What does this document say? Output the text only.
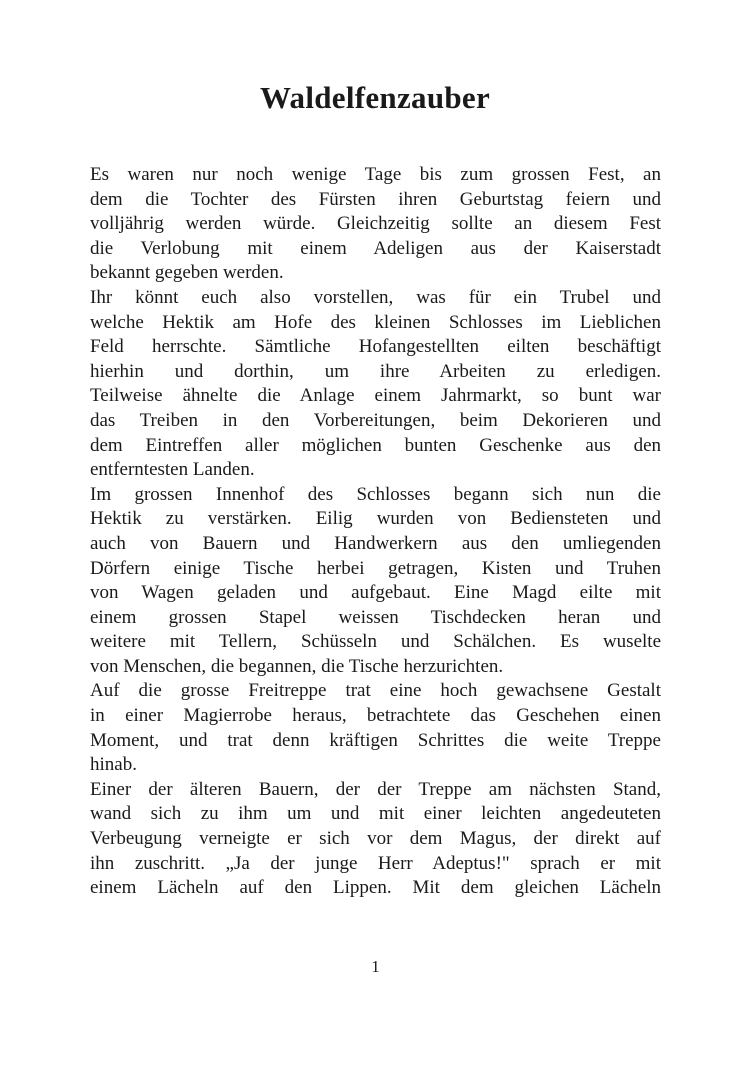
Waldelfenzauber
Es waren nur noch wenige Tage bis zum grossen Fest, an
dem die Tochter des Fürsten ihren Geburtstag feiern und
volljährig werden würde. Gleichzeitig sollte an diesem Fest
die Verlobung mit einem Adeligen aus der Kaiserstadt
bekannt gegeben werden.
Ihr könnt euch also vorstellen, was für ein Trubel und
welche Hektik am Hofe des kleinen Schlosses im Lieblichen
Feld herrschte. Sämtliche Hofangestellten eilten beschäftigt
hierhin und dorthin, um ihre Arbeiten zu erledigen.
Teilweise ähnelte die Anlage einem Jahrmarkt, so bunt war
das Treiben in den Vorbereitungen, beim Dekorieren und
dem Eintreffen aller möglichen bunten Geschenke aus den
entferntesten Landen.
Im grossen Innenhof des Schlosses begann sich nun die
Hektik zu verstärken. Eilig wurden von Bediensteten und
auch von Bauern und Handwerkern aus den umliegenden
Dörfern einige Tische herbei getragen, Kisten und Truhen
von Wagen geladen und aufgebaut. Eine Magd eilte mit
einem grossen Stapel weissen Tischdecken heran und
weitere mit Tellern, Schüsseln und Schälchen. Es wuselte
von Menschen, die begannen, die Tische herzurichten.
Auf die grosse Freitreppe trat eine hoch gewachsene Gestalt
in einer Magierrobe heraus, betrachtete das Geschehen einen
Moment, und trat denn kräftigen Schrittes die weite Treppe
hinab.
Einer der älteren Bauern, der der Treppe am nächsten Stand,
wand sich zu ihm um und mit einer leichten angedeuteten
Verbeugung verneigte er sich vor dem Magus, der direkt auf
ihn zuschritt. „Ja der junge Herr Adeptus!" sprach er mit
einem Lächeln auf den Lippen. Mit dem gleichen Lächeln
1
